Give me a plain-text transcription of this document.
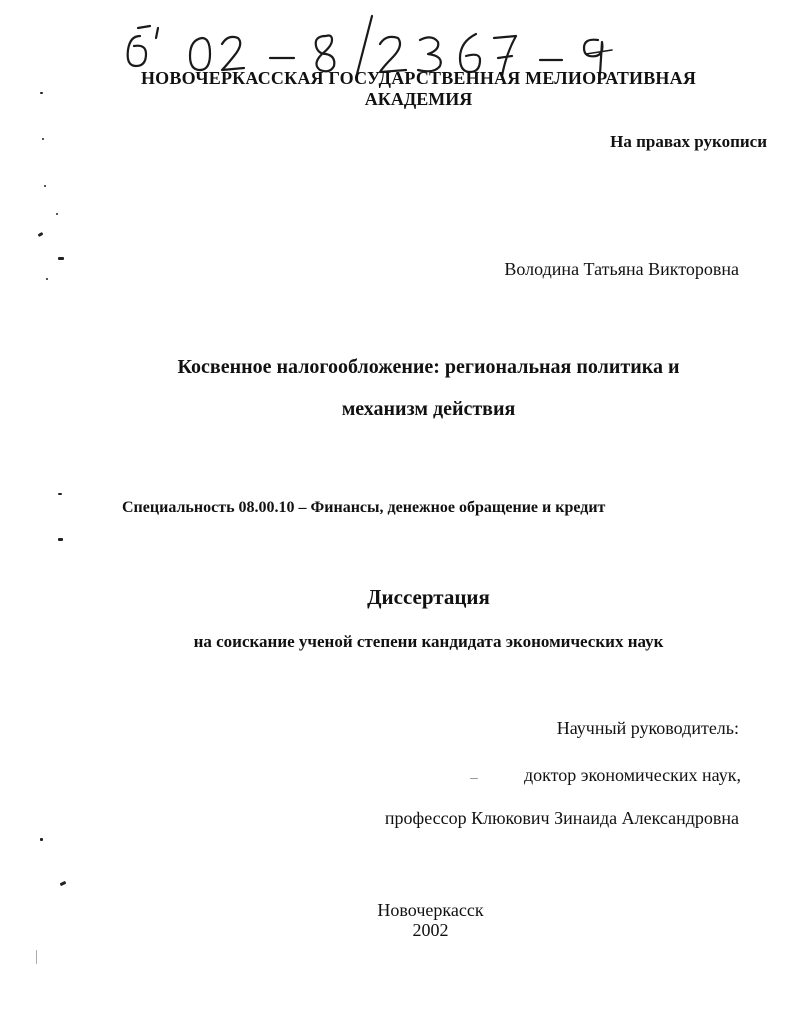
НОВОЧЕРКАССКАЯ ГОСУДАРСТВЕННАЯ МЕЛИОРАТИВНАЯ
АКАДЕМИЯ
На правах рукописи
Володина Татьяна Викторовна
Косвенное налогообложение: региональная политика и
механизм действия
Специальность 08.00.10 – Финансы, денежное обращение и кредит
Диссертация
на соискание ученой степени кандидата экономических наук
Научный руководитель:
доктор экономических наук,
профессор Клюкович Зинаида Александровна
Новочеркасск
2002
